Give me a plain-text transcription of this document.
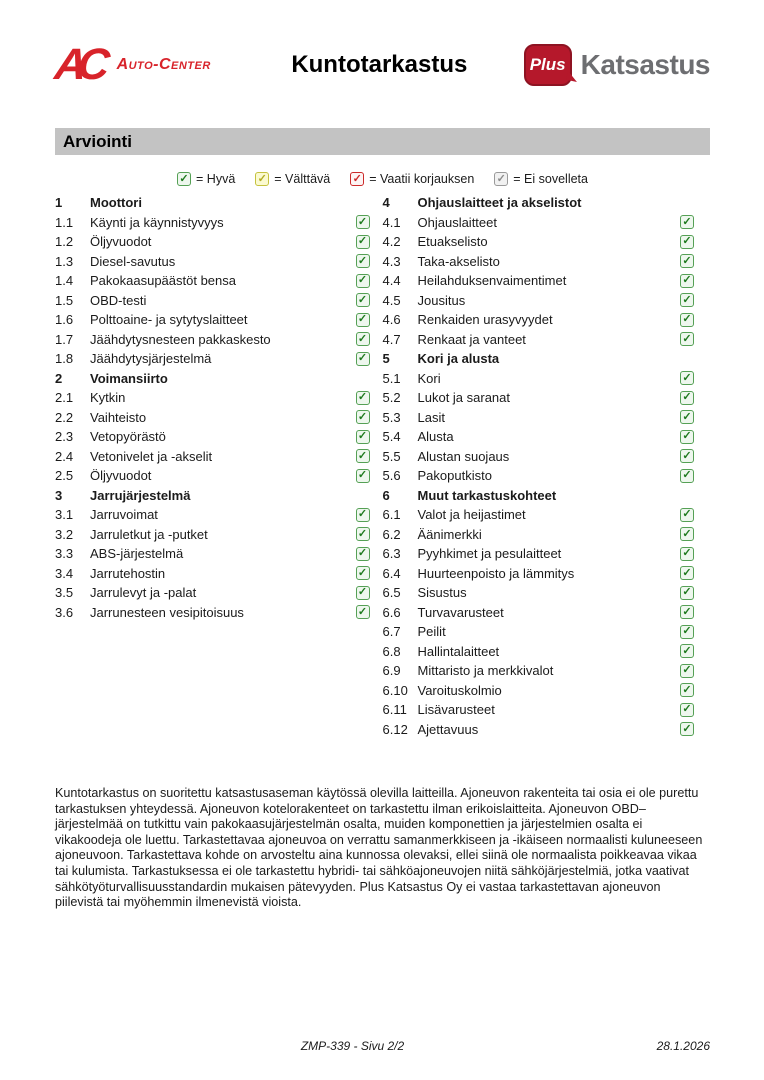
AC Auto-Center	Kuntotarkastus	Plus Katsastus
Arviointi
✓ = Hyvä ✓ = Välttävä ✓ = Vaatii korjauksen ✓ = Ei sovelleta
1	Moottori
1.1	Käynti ja käynnistyvyys	✓
1.2	Öljyvuodot	✓
1.3	Diesel-savutus	✓
1.4	Pakokaasupäästöt bensa	✓
1.5	OBD-testi	✓
1.6	Polttoaine- ja sytytyslaitteet	✓
1.7	Jäähdytysnesteen pakkaskesto	✓
1.8	Jäähdytysjärjestelmä	✓
2	Voimansiirto
2.1	Kytkin	✓
2.2	Vaihteisto	✓
2.3	Vetopyörästö	✓
2.4	Vetonivelet ja -akselit	✓
2.5	Öljyvuodot	✓
3	Jarrujärjestelmä
3.1	Jarruvoimat	✓
3.2	Jarruletkut ja -putket	✓
3.3	ABS-järjestelmä	✓
3.4	Jarrutehostin	✓
3.5	Jarrulevyt ja -palat	✓
3.6	Jarrunesteen vesipitoisuus	✓
4	Ohjauslaitteet ja akselistot
4.1	Ohjauslaitteet	✓
4.2	Etuakselisto	✓
4.3	Taka-akselisto	✓
4.4	Heilahduksenvaimentimet	✓
4.5	Jousitus	✓
4.6	Renkaiden urasyvyydet	✓
4.7	Renkaat ja vanteet	✓
5	Kori ja alusta
5.1	Kori	✓
5.2	Lukot ja saranat	✓
5.3	Lasit	✓
5.4	Alusta	✓
5.5	Alustan suojaus	✓
5.6	Pakoputkisto	✓
6	Muut tarkastuskohteet
6.1	Valot ja heijastimet	✓
6.2	Äänimerkki	✓
6.3	Pyyhkimet ja pesulaitteet	✓
6.4	Huurteenpoisto ja lämmitys	✓
6.5	Sisustus	✓
6.6	Turvavarusteet	✓
6.7	Peilit	✓
6.8	Hallintalaitteet	✓
6.9	Mittaristo ja merkkivalot	✓
6.10 Varoituskolmio	✓
6.11 Lisävarusteet	✓
6.12 Ajettavuus	✓
Kuntotarkastus on suoritettu katsastusaseman käytössä olevilla laitteilla. Ajoneuvon rakenteita tai osia ei ole purettu tarkastuksen yhteydessä. Ajoneuvon kotelorakenteet on tarkastettu ilman erikoislaitteita. Ajoneuvon OBD–järjestelmää on tutkittu vain pakokaasujärjestelmän osalta, muiden komponettien ja järjestelmien osalta ei vikakoodeja ole luettu. Tarkastettavaa ajoneuvoa on verrattu samanmerkkiseen ja -ikäiseen normaalisti kuluneeseen ajoneuvoon. Tarkastettava kohde on arvosteltu aina kunnossa olevaksi, ellei siinä ole normaalista poikkeavaa vikaa tai kulumista. Tarkastuksessa ei ole tarkastettu hybridi- tai sähköajoneuvojen niitä sähköjärjestelmiä, jotka vaativat sähkötyöturvallisuusstandardin mukaisen pätevyyden. Plus Katsastus Oy ei vastaa tarkastettavan ajoneuvon piilevistä tai myöhemmin ilmenevistä vioista.
ZMP-339 - Sivu 2/2	28.1.2026
